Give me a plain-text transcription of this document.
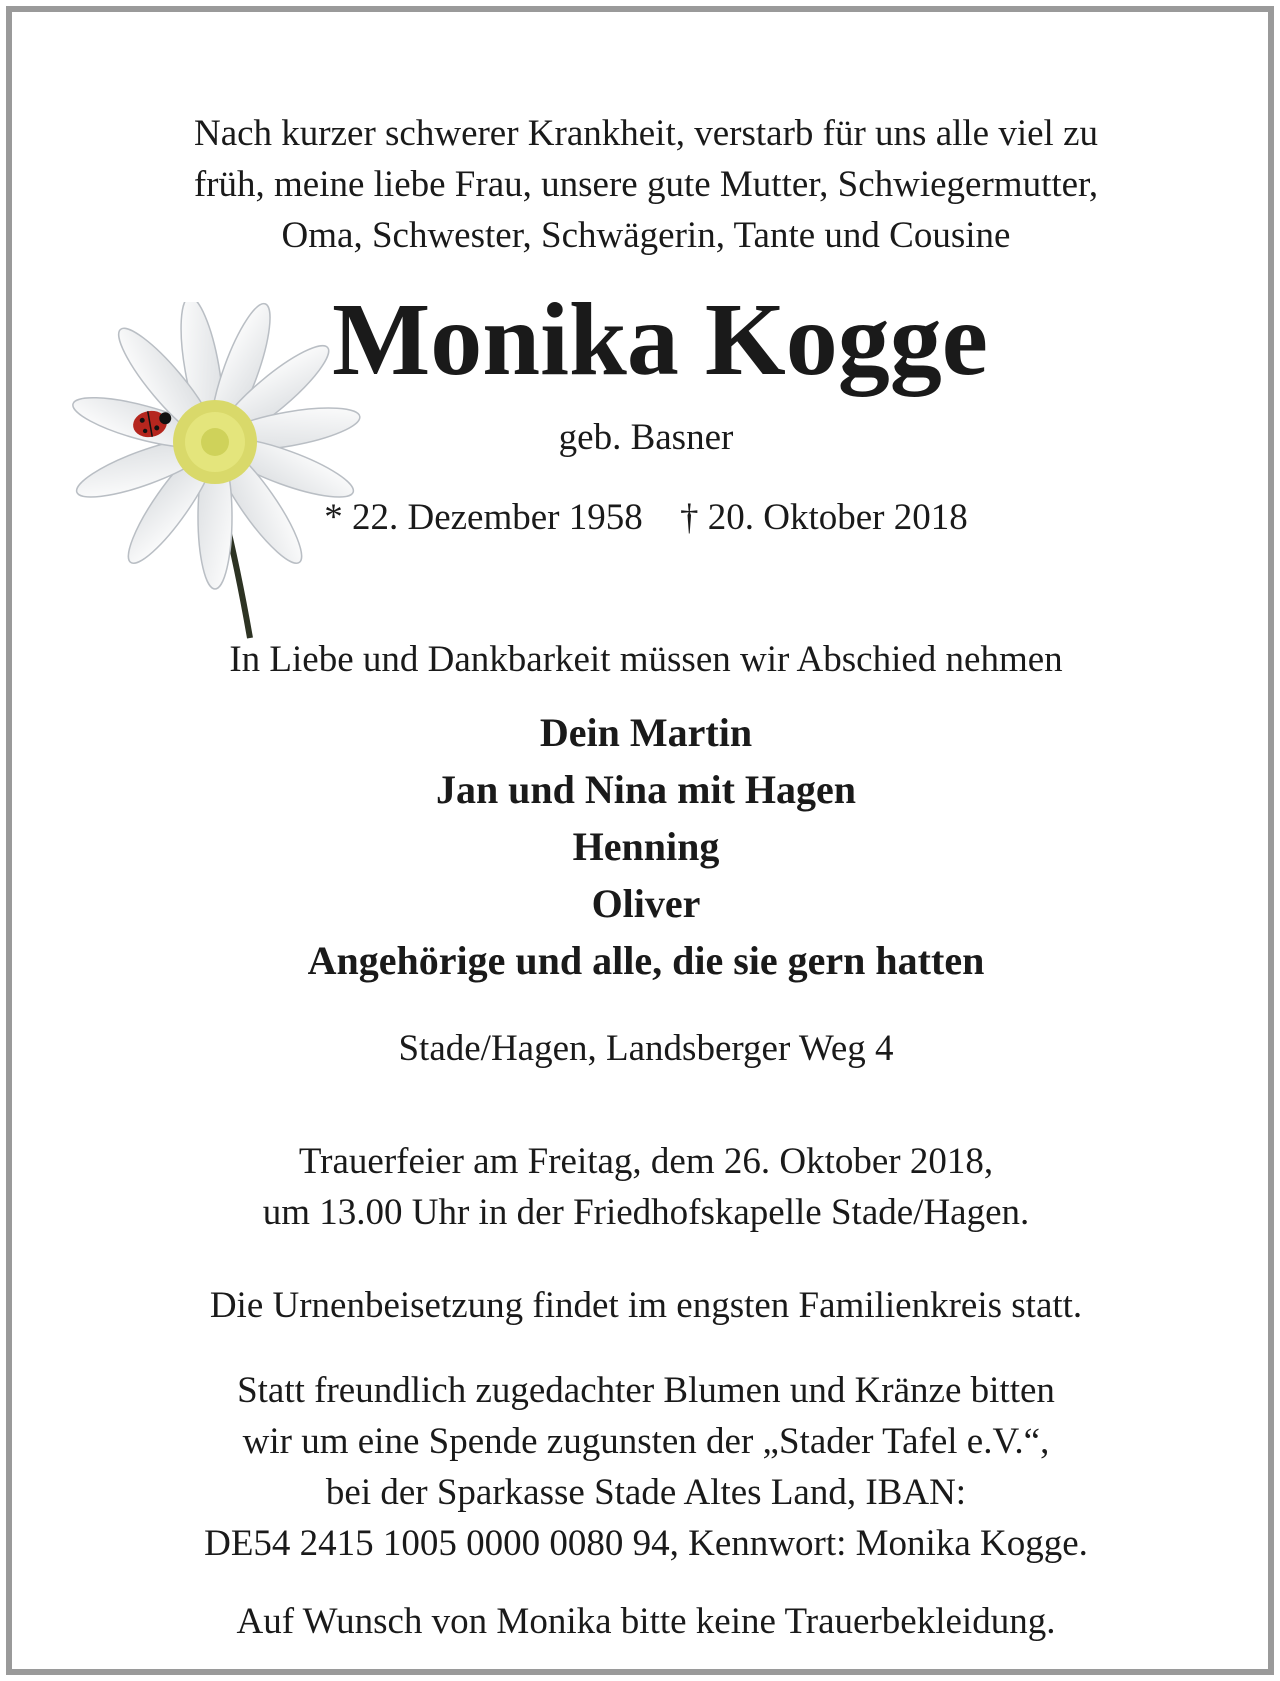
Nach kurzer schwerer Krankheit, verstarb für uns alle viel zu
früh, meine liebe Frau, unsere gute Mutter, Schwiegermutter,
Oma, Schwester, Schwägerin, Tante und Cousine
Monika Kogge
geb. Basner
* 22. Dezember 1958 † 20. Oktober 2018
In Liebe und Dankbarkeit müssen wir Abschied nehmen
Dein Martin
Jan und Nina mit Hagen
Henning
Oliver
Angehörige und alle, die sie gern hatten
Stade/Hagen, Landsberger Weg 4
Trauerfeier am Freitag, dem 26. Oktober 2018,
um 13.00 Uhr in der Friedhofskapelle Stade/Hagen.
Die Urnenbeisetzung findet im engsten Familienkreis statt.
Statt freundlich zugedachter Blumen und Kränze bitten
wir um eine Spende zugunsten der „Stader Tafel e.V.“,
bei der Sparkasse Stade Altes Land, IBAN:
DE54 2415 1005 0000 0080 94, Kennwort: Monika Kogge.
Auf Wunsch von Monika bitte keine Trauerbekleidung.
